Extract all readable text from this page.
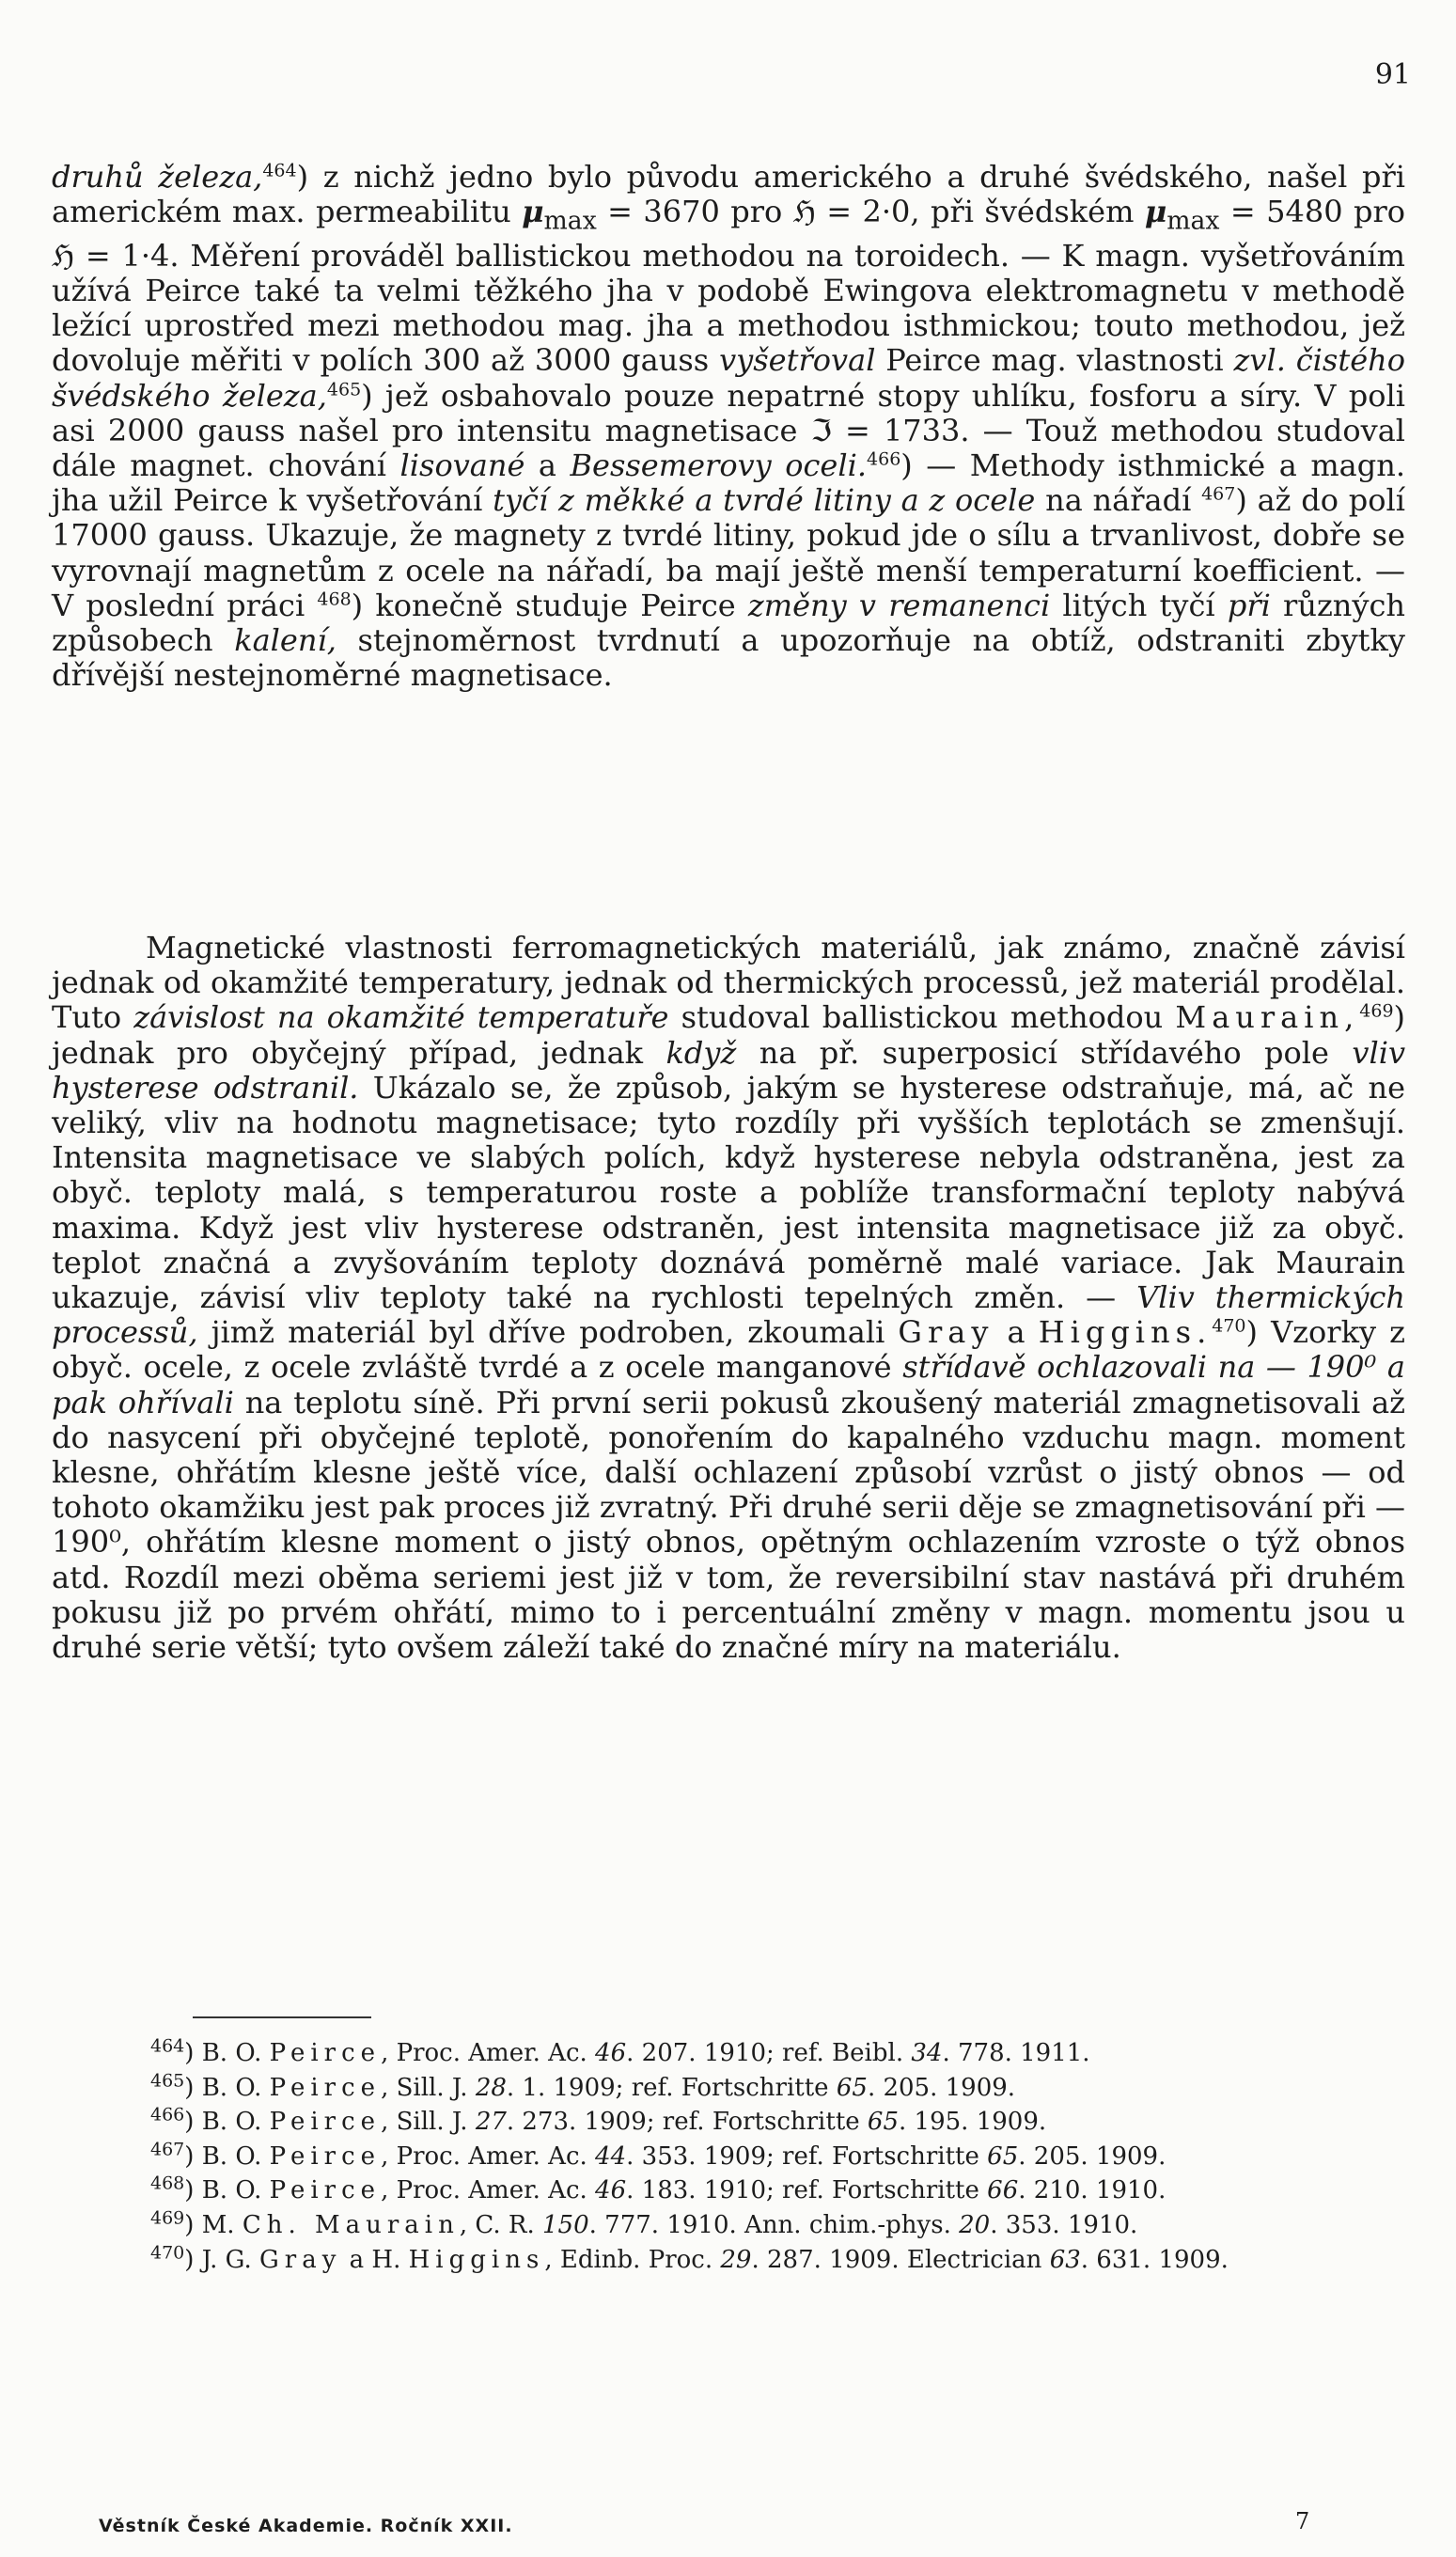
91
druhů železa,$^{464}$) z nichž jedno bylo původu amerického a druhé švédského, našel při americkém max. permeabilitu $\mu_{max} = 3670$ pro ℌ = 2·0, při švédském $\mu_{max} = 5480$ pro ℌ = 1·4. Měření prováděl ballistickou methodou na toroidech. — K magn. vyšetřováním užívá Peirce také ta velmi těžkého jha v podobě Ewingova elektromagnetu v methodě ležící uprostřed mezi methodou mag. jha a methodou isthmickou; touto methodou, jež dovoluje měřiti v polích 300 až 3000 gauss vyšetřoval Peirce mag. vlastnosti zvl. čistého švédského železa,$^{465}$) jež osbahovalo pouze nepatrné stopy uhlíku, fosforu a síry. V poli asi 2000 gauss našel pro intensitu magnetisace ℑ = 1733. — Touž methodou studoval dále magnet. chování lisované a Bessemerovy oceli.$^{466}$) — Methody isthmické a magn. jha užil Peirce k vyšetřování tyčí z měkké a tvrdé litiny a z ocele na nářadí $^{467}$) až do polí 17000 gauss. Ukazuje, že magnety z tvrdé litiny, pokud jde o sílu a trvanlivost, dobře se vyrovnají magnetům z ocele na nářadí, ba mají ještě menší temperaturní koefficient. — V poslední práci $^{468}$) konečně studuje Peirce změny v remanenci litých tyčí při různých způsobech kalení, stejnoměrnost tvrdnutí a upozorňuje na obtíž, odstraniti zbytky dřívější nestejnoměrné magnetisace.
Magnetické vlastnosti ferromagnetických materiálů, jak známo, značně závisí jednak od okamžité temperatury, jednak od thermických processů, jež materiál prodělal. Tuto závislost na okamžité temperatuře studoval ballistickou methodou Maurain,$^{469}$) jednak pro obyčejný případ, jednak když na př. superposicí střídavého pole vliv hysterese odstranil. Ukázalo se, že způsob, jakým se hysterese odstraňuje, má, ač ne veliký, vliv na hodnotu magnetisace; tyto rozdíly při vyšších teplotách se zmenšují. Intensita magnetisace ve slabých polích, když hysterese nebyla odstraněna, jest za obyč. teploty malá, s temperaturou roste a poblíže transformační teploty nabývá maxima. Když jest vliv hysterese odstraněn, jest intensita magnetisace již za obyč. teplot značná a zvyšováním teploty doznává poměrně malé variace. Jak Maurain ukazuje, závisí vliv teploty také na rychlosti tepelných změn. — Vliv thermických processů, jimž materiál byl dříve podroben, zkoumali Gray a Higgins.$^{470}$) Vzorky z obyč. ocele, z ocele zvláště tvrdé a z ocele manganové střídavě ochlazovali na — 190⁰ a pak ohřívali na teplotu síně. Při první serii pokusů zkoušený materiál zmagnetisovali až do nasycení při obyčejné teplotě, ponořením do kapalného vzduchu magn. moment klesne, ohřátím klesne ještě více, další ochlazení způsobí vzrůst o jistý obnos — od tohoto okamžiku jest pak proces již zvratný. Při druhé serii děje se zmagnetisování při — 190⁰, ohřátím klesne moment o jistý obnos, opětným ochlazením vzroste o týž obnos atd. Rozdíl mezi oběma seriemi jest již v tom, že reversibilní stav nastává při druhém pokusu již po prvém ohřátí, mimo to i percentuální změny v magn. momentu jsou u druhé serie větší; tyto ovšem záleží také do značné míry na materiálu.

$^{464}$) B. O. Peirce, Proc. Amer. Ac. 46. 207. 1910; ref. Beibl. 34. 778. 1911.

$^{465}$) B. O. Peirce, Sill. J. 28. 1. 1909; ref. Fortschritte 65. 205. 1909.

$^{466}$) B. O. Peirce, Sill. J. 27. 273. 1909; ref. Fortschritte 65. 195. 1909.

$^{467}$) B. O. Peirce, Proc. Amer. Ac. 44. 353. 1909; ref. Fortschritte 65. 205. 1909.

$^{468}$) B. O. Peirce, Proc. Amer. Ac. 46. 183. 1910; ref. Fortschritte 66. 210. 1910.

$^{469}$) M. Ch. Maurain, C. R. 150. 777. 1910. Ann. chim.-phys. 20. 353. 1910.

$^{470}$) J. G. Gray a H. Higgins, Edinb. Proc. 29. 287. 1909. Electrician 63. 631. 1909.

Věstník České Akademie. Ročník XXII.	7
